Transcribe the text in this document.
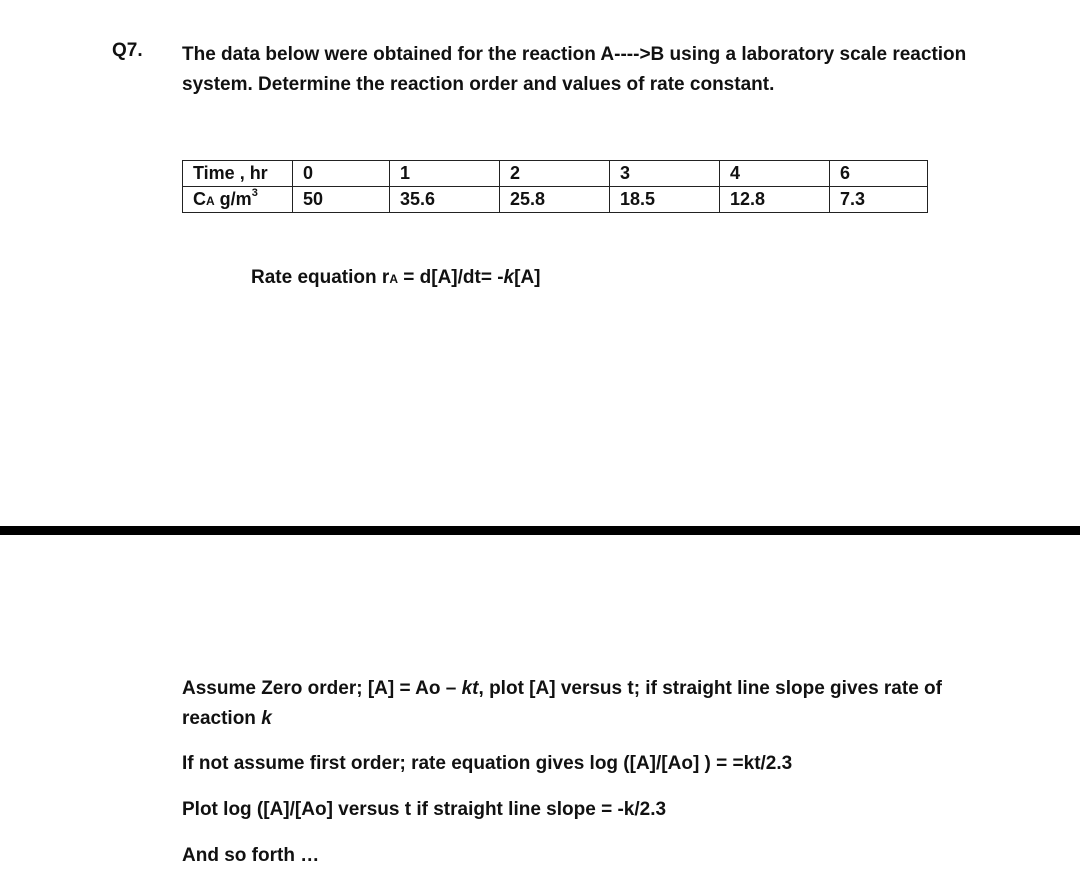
Q7. The data below were obtained for the reaction A---->B using a laboratory scale reaction system. Determine the reaction order and values of rate constant.
Time , hr	0	1	2	3	4	6
CA $g/m^3$	50	35.6	25.8	18.5	12.8	7.3
Rate equation rA = d[A]/dt= -k[A]
Assume Zero order; [A] = Ao – kt, plot [A] versus t; if straight line slope gives rate of reaction k
If not assume first order; rate equation gives log ([A]/[Ao] ) = =kt/2.3
Plot log ([A]/[Ao] versus t if straight line slope = -k/2.3
And so forth …
